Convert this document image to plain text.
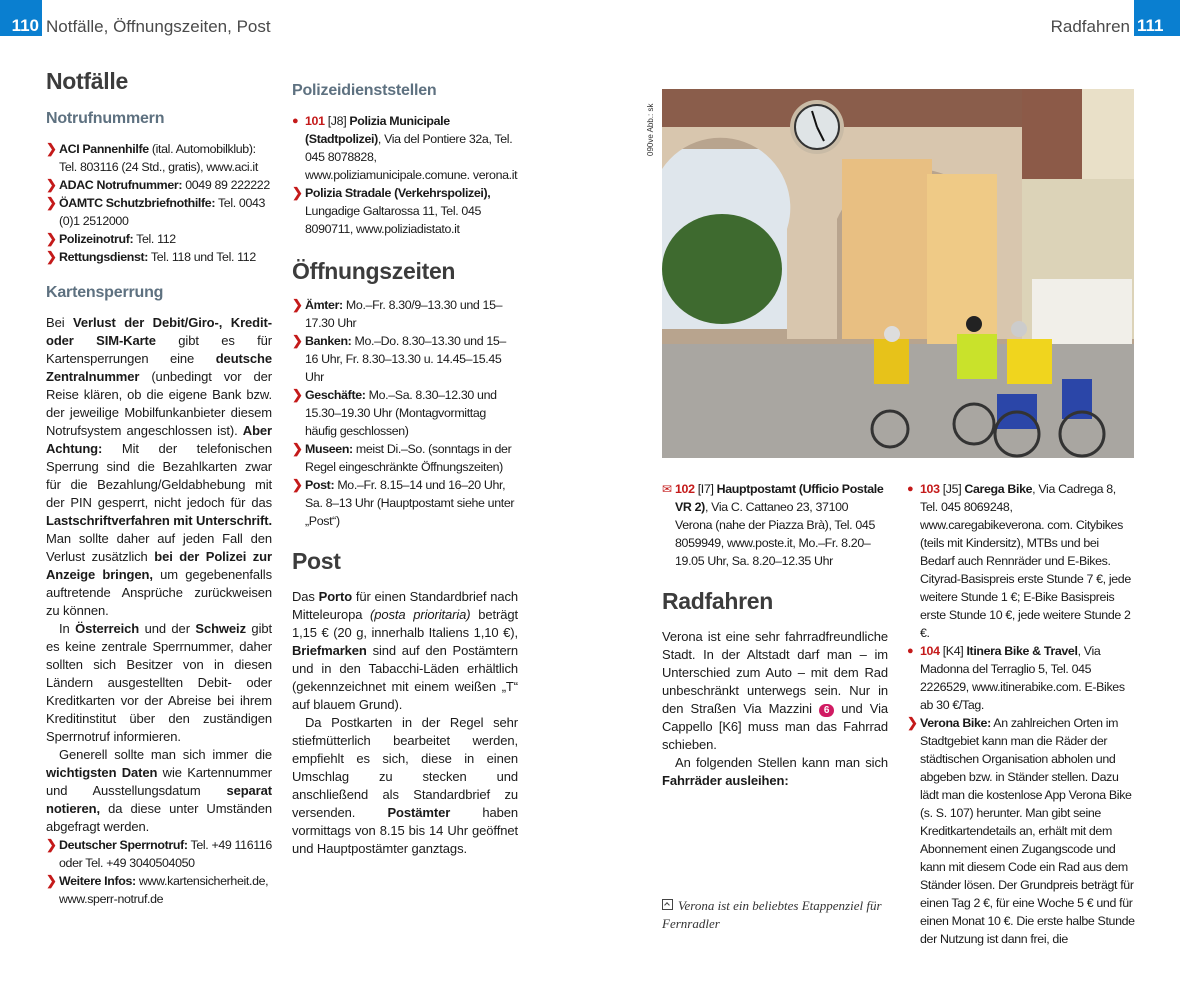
110 Notfälle, Öffnungszeiten, Post	Radfahren 111
Notfälle
Notrufnummern
❯ ACI Pannenhilfe (ital. Automobilklub): Tel. 803116 (24 Std., gratis), www.aci.it
❯ ADAC Notrufnummer: 0049 89 222222
❯ ÖAMTC Schutzbriefnothilfe: Tel. 0043 (0)1 2512000
❯ Polizeinotruf: Tel. 112
❯ Rettungsdienst: Tel. 118 und Tel. 112
Kartensperrung

Bei Verlust der Debit/Giro-, Kredit- oder SIM-Karte gibt es für Kartensperrungen eine deutsche Zentralnummer (unbedingt vor der Reise klären, ob die eigene Bank bzw. der jeweilige Mobilfunkanbieter diesem Notrufsystem angeschlossen ist). Aber Achtung: Mit der telefonischen Sperrung sind die Bezahlkarten zwar für die Bezahlung/Geldabhebung mit der PIN gesperrt, nicht jedoch für das Lastschriftverfahren mit Unterschrift. Man sollte daher auf jeden Fall den Verlust zusätzlich bei der Polizei zur Anzeige bringen, um gegebenenfalls auftretende Ansprüche zurückweisen zu können.

In Österreich und der Schweiz gibt es keine zentrale Sperrnummer, daher sollten sich Besitzer von in diesen Ländern ausgestellten Debit- oder Kreditkarten vor der Abreise bei ihrem Kreditinstitut über den zuständigen Sperrnotruf informieren.

Generell sollte man sich immer die wichtigsten Daten wie Kartennummer und Ausstellungsdatum separat notieren, da diese unter Umständen abgefragt werden.

❯ Deutscher Sperrnotruf: Tel. +49 116116 oder Tel. +49 3040504050
❯ Weitere Infos: www.kartensicherheit.de, www.sperr-notruf.de
Polizeidienststellen
● 101 [J8] Polizia Municipale (Stadtpolizei), Via del Pontiere 32a, Tel. 045 8078828, www.poliziamunicipale.comune. verona.it
❯ Polizia Stradale (Verkehrspolizei), Lungadige Galtarossa 11, Tel. 045 8090711, www.poliziadistato.it
Öffnungszeiten
❯ Ämter: Mo.–Fr. 8.30/9–13.30 und 15–17.30 Uhr
❯ Banken: Mo.–Do. 8.30–13.30 und 15–16 Uhr, Fr. 8.30–13.30 u. 14.45–15.45 Uhr
❯ Geschäfte: Mo.–Sa. 8.30–12.30 und 15.30–19.30 Uhr (Montagvormittag häufig geschlossen)
❯ Museen: meist Di.–So. (sonntags in der Regel eingeschränkte Öffnungszeiten)
❯ Post: Mo.–Fr. 8.15–14 und 16–20 Uhr, Sa. 8–13 Uhr (Hauptpostamt siehe unter „Post“)
Post

Das Porto für einen Standardbrief nach Mitteleuropa (posta prioritaria) beträgt 1,15 € (20 g, innerhalb Italiens 1,10 €), Briefmarken sind auf den Postämtern und in den Tabacchi-Läden erhältlich (gekennzeichnet mit einem weißen „T“ auf blauem Grund).

Da Postkarten in der Regel sehr stiefmütterlich bearbeitet werden, empfiehlt es sich, diese in einen Umschlag zu stecken und anschließend als Standardbrief zu versenden. Postämter haben vormittags von 8.15 bis 14 Uhr geöffnet und Hauptpostämter ganztags.

090ve Abb.: sk
✉ 102 [I7] Hauptpostamt (Ufficio Postale VR 2), Via C. Cattaneo 23, 37100 Verona (nahe der Piazza Brà), Tel. 045 8059949, www.poste.it, Mo.–Fr. 8.20–19.05 Uhr, Sa. 8.20–12.35 Uhr
Radfahren

Verona ist eine sehr fahrradfreundliche Stadt. In der Altstadt darf man – im Unterschied zum Auto – mit dem Rad unbeschränkt unterwegs sein. Nur in den Straßen Via Mazzini 6 und Via Cappello [K6] muss man das Fahrrad schieben.

An folgenden Stellen kann man sich Fahrräder ausleihen:

Verona ist ein beliebtes Etappenziel für Fernradler
● 103 [J5] Carega Bike, Via Cadrega 8, Tel. 045 8069248, www.caregabikeverona. com. Citybikes (teils mit Kindersitz), MTBs und bei Bedarf auch Rennräder und E-Bikes. Cityrad-Basispreis erste Stunde 7 €, jede weitere Stunde 1 €; E-Bike Basispreis erste Stunde 10 €, jede weitere Stunde 2 €.
● 104 [K4] Itinera Bike & Travel, Via Madonna del Terraglio 5, Tel. 045 2226529, www.itinerabike.com. E-Bikes ab 30 €/Tag.
❯ Verona Bike: An zahlreichen Orten im Stadtgebiet kann man die Räder der städtischen Organisation abholen und abgeben bzw. in Ständer stellen. Dazu lädt man die kostenlose App Verona Bike (s. S. 107) herunter. Man gibt seine Kreditkartendetails an, erhält mit dem Abonnement einen Zugangscode und kann mit diesem Code ein Rad aus dem Ständer lösen. Der Grundpreis beträgt für einen Tag 2 €, für eine Woche 5 € und für einen Monat 10 €. Die erste halbe Stunde der Nutzung ist dann frei, die
